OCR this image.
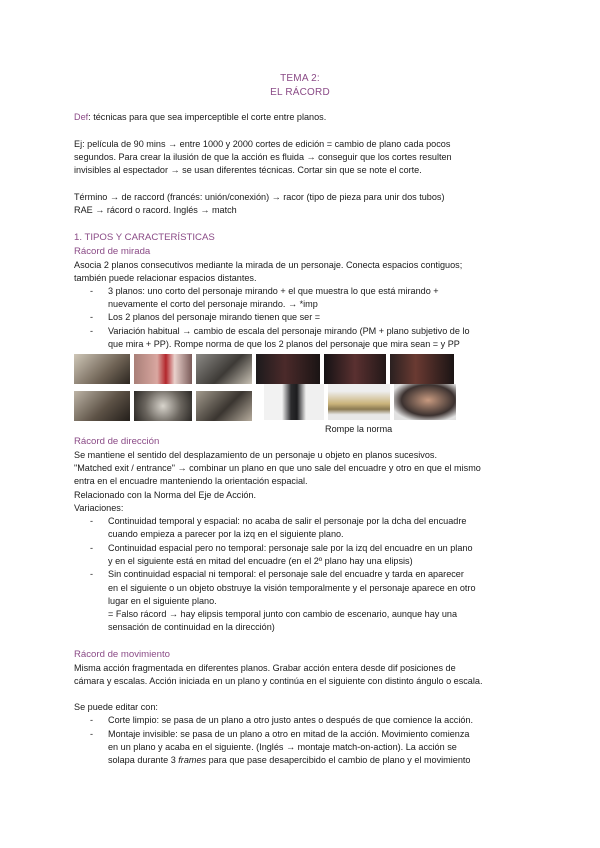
TEMA 2:
EL RÁCORD
Def: técnicas para que sea imperceptible el corte entre planos.
Ej: película de 90 mins → entre 1000 y 2000 cortes de edición = cambio de plano cada pocos
segundos. Para crear la ilusión de que la acción es fluida → conseguir que los cortes resulten
invisibles al espectador → se usan diferentes técnicas. Cortar sin que se note el corte.
Término → de raccord (francés: unión/conexión) → racor (tipo de pieza para unir dos tubos)
RAE → rácord o racord. Inglés → match
1. TIPOS Y CARACTERÍSTICAS
Rácord de mirada
Asocia 2 planos consecutivos mediante la mirada de un personaje. Conecta espacios contiguos;
también puede relacionar espacios distantes.
- 3 planos: uno corto del personaje mirando + el que muestra lo que está mirando +
nuevamente el corto del personaje mirando. → *imp
- Los 2 planos del personaje mirando tienen que ser =
- Variación habitual → cambio de escala del personaje mirando (PM + plano subjetivo de lo
que mira + PP). Rompe norma de que los 2 planos del personaje que mira sean = y PP
Rompe la norma
Rácord de dirección
Se mantiene el sentido del desplazamiento de un personaje u objeto en planos sucesivos.
"Matched exit / entrance" → combinar un plano en que uno sale del encuadre y otro en que el mismo
entra en el encuadre manteniendo la orientación espacial.
Relacionado con la Norma del Eje de Acción.
Variaciones:
- Continuidad temporal y espacial: no acaba de salir el personaje por la dcha del encuadre
cuando empieza a parecer por la izq en el siguiente plano.
- Continuidad espacial pero no temporal: personaje sale por la izq del encuadre en un plano
y en el siguiente está en mitad del encuadre (en el 2º plano hay una elipsis)
- Sin continuidad espacial ni temporal: el personaje sale del encuadre y tarda en aparecer
en el siguiente o un objeto obstruye la visión temporalmente y el personaje aparece en otro
lugar en el siguiente plano.
= Falso rácord → hay elipsis temporal junto con cambio de escenario, aunque hay una
sensación de continuidad en la dirección)
Rácord de movimiento
Misma acción fragmentada en diferentes planos. Grabar acción entera desde dif posiciones de
cámara y escalas. Acción iniciada en un plano y continúa en el siguiente con distinto ángulo o escala.
Se puede editar con:
- Corte limpio: se pasa de un plano a otro justo antes o después de que comience la acción.
- Montaje invisible: se pasa de un plano a otro en mitad de la acción. Movimiento comienza
en un plano y acaba en el siguiente. (Inglés → montaje match-on-action). La acción se
solapa durante 3 frames para que pase desapercibido el cambio de plano y el movimiento
